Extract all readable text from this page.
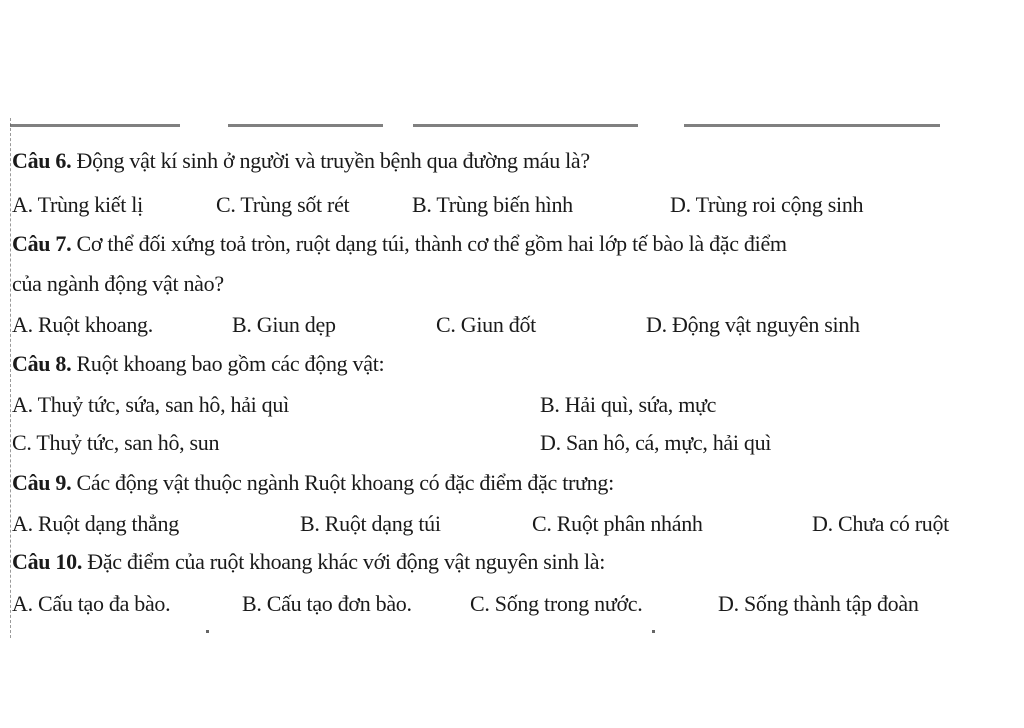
Câu 6. Động vật kí sinh ở người và truyền bệnh qua đường máu là?
A. Trùng kiết lị	C. Trùng sốt rét	B. Trùng biến hình	D. Trùng roi cộng sinh
Câu 7. Cơ thể đối xứng toả tròn, ruột dạng túi, thành cơ thể gồm hai lớp tế bào là đặc điểm
của ngành động vật nào?
A. Ruột khoang.	B. Giun dẹp	C. Giun đốt	D. Động vật nguyên sinh
Câu 8. Ruột khoang bao gồm các động vật:
A. Thuỷ tức, sứa, san hô, hải quì	B. Hải quì, sứa, mực
C. Thuỷ tức, san hô, sun	D. San hô, cá, mực, hải quì
Câu 9. Các động vật thuộc ngành Ruột khoang có đặc điểm đặc trưng:
A. Ruột dạng thẳng	B. Ruột dạng túi	C. Ruột phân nhánh	D. Chưa có ruột
Câu 10. Đặc điểm của ruột khoang khác với động vật nguyên sinh là:
A. Cấu tạo đa bào.	B. Cấu tạo đơn bào.	C. Sống trong nước.	D. Sống thành tập đoàn
